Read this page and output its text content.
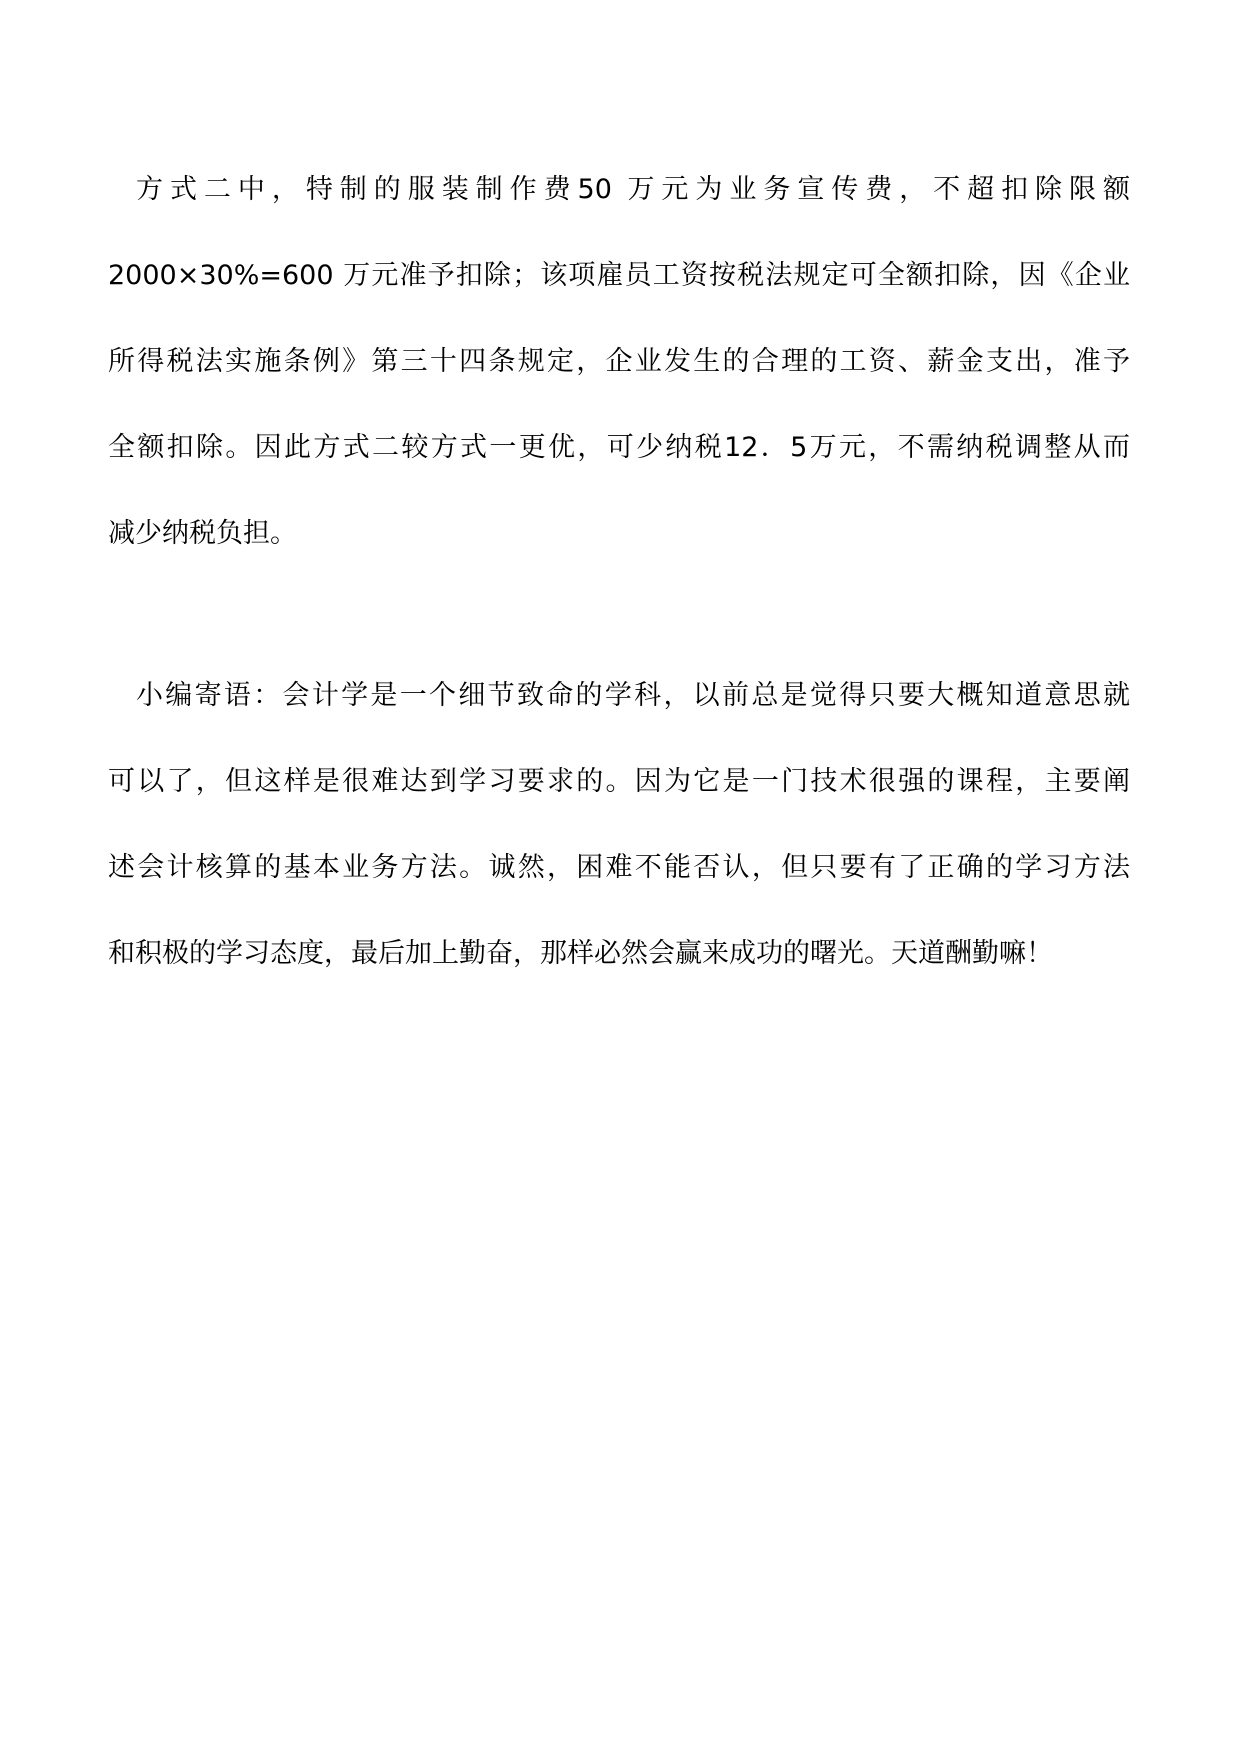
方式二中，特制的服装制作费50 万元为业务宣传费，不超扣除限额
2000×30%=600 万元准予扣除；该项雇员工资按税法规定可全额扣除，因《企业
所得税法实施条例》第三十四条规定，企业发生的合理的工资、薪金支出，准予
全额扣除。因此方式二较方式一更优，可少纳税12．5万元，不需纳税调整从而
减少纳税负担。
小编寄语：会计学是一个细节致命的学科，以前总是觉得只要大概知道意思就
可以了，但这样是很难达到学习要求的。因为它是一门技术很强的课程，主要阐
述会计核算的基本业务方法。诚然，困难不能否认，但只要有了正确的学习方法
和积极的学习态度，最后加上勤奋，那样必然会赢来成功的曙光。天道酬勤嘛！
